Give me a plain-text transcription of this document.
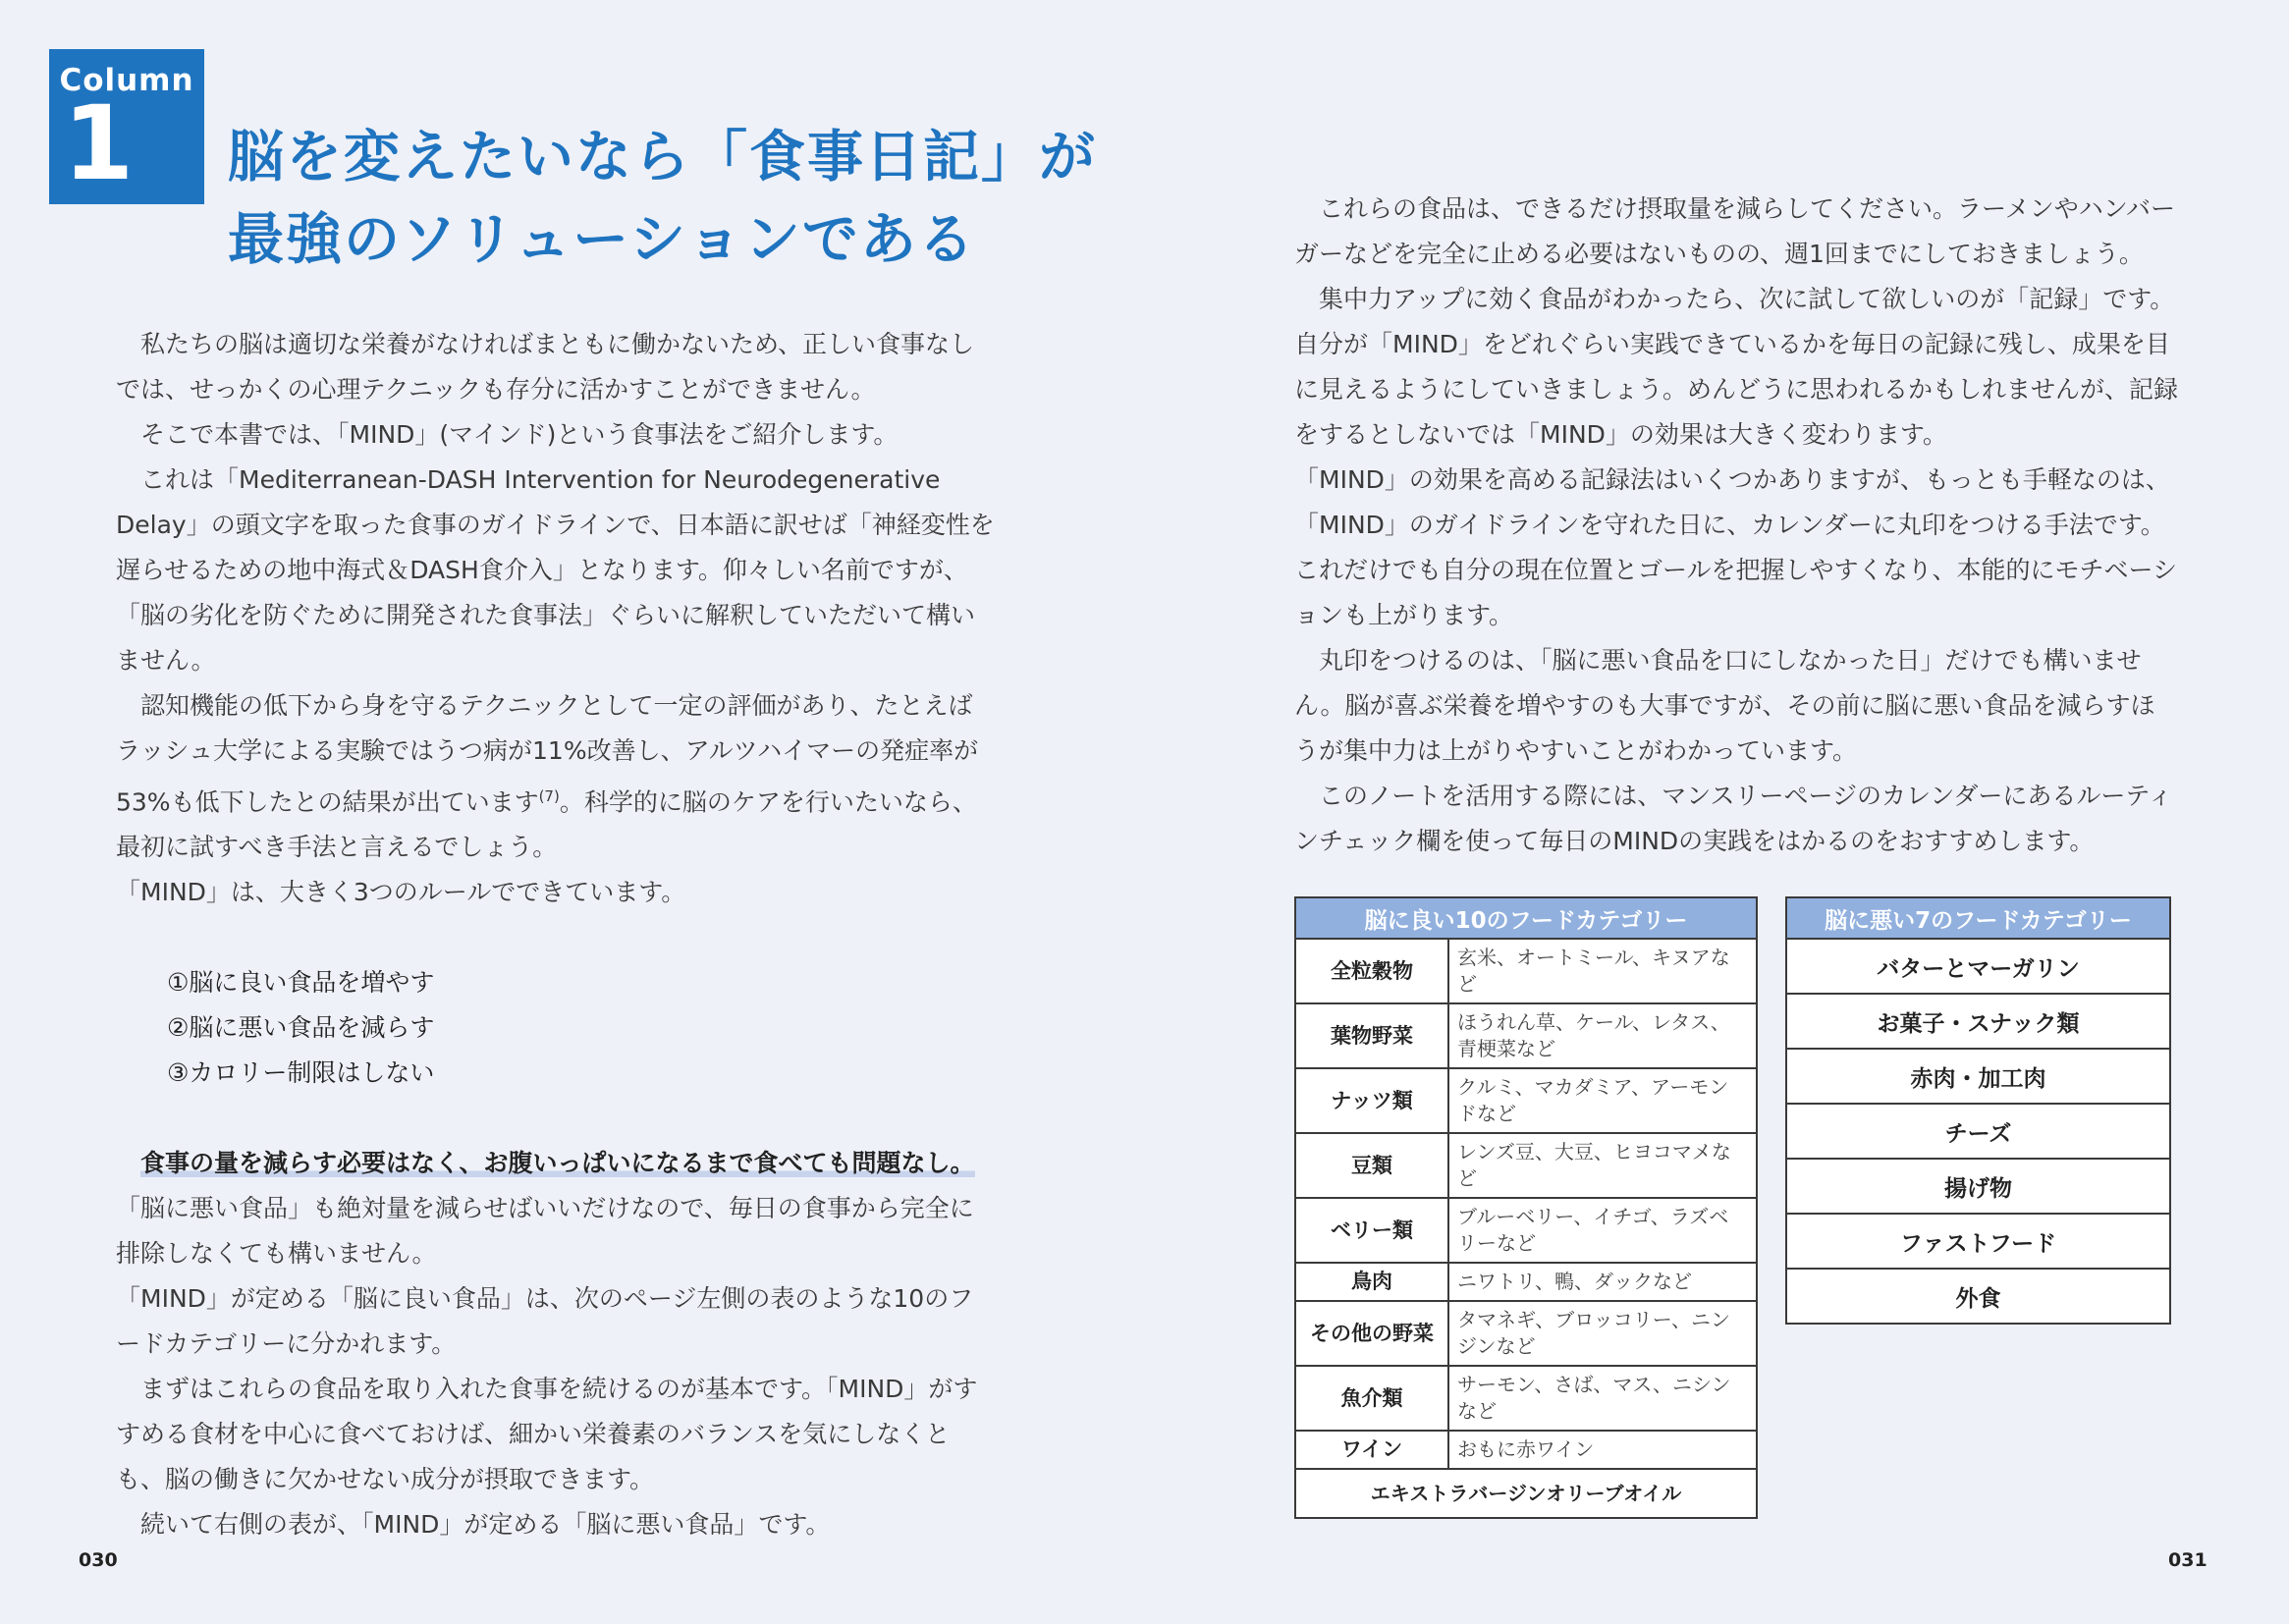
Column
1 脳を変えたいなら「食事日記」が
最強のソリューションである

私たちの脳は適切な栄養がなければまともに働かないため、正しい食事なしでは、せっかくの心理テクニックも存分に活かすことができません。

そこで本書では、「MIND」(マインド)という食事法をご紹介します。

これは「Mediterranean-DASH Intervention for Neurodegenerative Delay」の頭文字を取った食事のガイドラインで、日本語に訳せば「神経変性を遅らせるための地中海式＆DASH食介入」となります。仰々しい名前ですが、「脳の劣化を防ぐために開発された食事法」ぐらいに解釈していただいて構いません。

認知機能の低下から身を守るテクニックとして一定の評価があり、たとえばラッシュ大学による実験ではうつ病が11%改善し、アルツハイマーの発症率が53%も低下したとの結果が出ています$^{(7)}$。科学的に脳のケアを行いたいなら、最初に試すべき手法と言えるでしょう。

「MIND」は、大きく3つのルールでできています。

①脳に良い食品を増やす

②脳に悪い食品を減らす

③カロリー制限はしない

食事の量を減らす必要はなく、お腹いっぱいになるまで食べても問題なし。

「脳に悪い食品」も絶対量を減らせばいいだけなので、毎日の食事から完全に排除しなくても構いません。

「MIND」が定める「脳に良い食品」は、次のページ左側の表のような10のフードカテゴリーに分かれます。

まずはこれらの食品を取り入れた食事を続けるのが基本です。「MIND」がすすめる食材を中心に食べておけば、細かい栄養素のバランスを気にしなくとも、脳の働きに欠かせない成分が摂取できます。

続いて右側の表が、「MIND」が定める「脳に悪い食品」です。

これらの食品は、できるだけ摂取量を減らしてください。ラーメンやハンバーガーなどを完全に止める必要はないものの、週1回までにしておきましょう。

集中力アップに効く食品がわかったら、次に試して欲しいのが「記録」です。自分が「MIND」をどれぐらい実践できているかを毎日の記録に残し、成果を目に見えるようにしていきましょう。めんどうに思われるかもしれませんが、記録をするとしないでは「MIND」の効果は大きく変わります。

「MIND」の効果を高める記録法はいくつかありますが、もっとも手軽なのは、「MIND」のガイドラインを守れた日に、カレンダーに丸印をつける手法です。これだけでも自分の現在位置とゴールを把握しやすくなり、本能的にモチベーションも上がります。

丸印をつけるのは、「脳に悪い食品を口にしなかった日」だけでも構いません。脳が喜ぶ栄養を増やすのも大事ですが、その前に脳に悪い食品を減らすほうが集中力は上がりやすいことがわかっています。

このノートを活用する際には、マンスリーページのカレンダーにあるルーティンチェック欄を使って毎日のMINDの実践をはかるのをおすすめします。

脳に良い10のフードカテゴリー	
全粒穀物	玄米、オートミール、キヌアなど
葉物野菜	ほうれん草、ケール、レタス、青梗菜など
ナッツ類	クルミ、マカダミア、アーモンドなど
豆類	レンズ豆、大豆、ヒヨコマメなど
ベリー類	ブルーベリー、イチゴ、ラズベリーなど
鳥肉	ニワトリ、鴨、ダックなど
その他の野菜	タマネギ、ブロッコリー、ニンジンなど
魚介類	サーモン、さば、マス、ニシンなど
ワイン	おもに赤ワイン
エキストラバージンオリーブオイル	
脳に悪い7のフードカテゴリー
バターとマーガリン
お菓子・スナック類
赤肉・加工肉
チーズ
揚げ物
ファストフード
外食
030	031
